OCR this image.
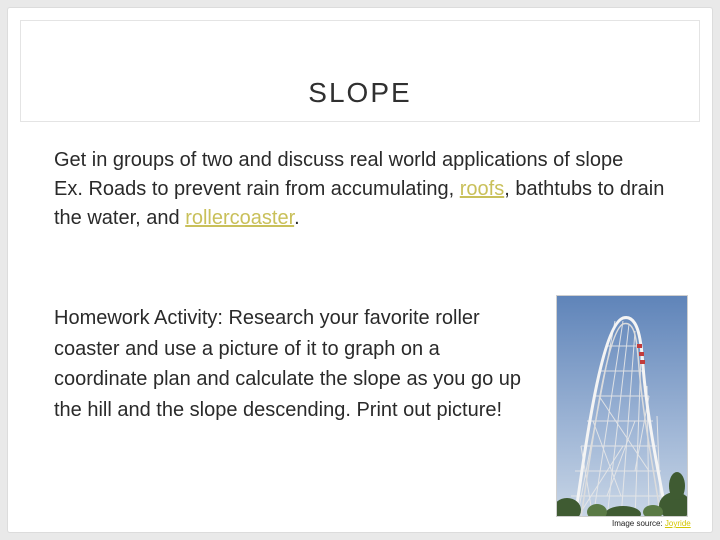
SLOPE

Get in groups of two and discuss real world applications of slope

Ex. Roads to prevent rain from accumulating, roofs, bathtubs to drain the water, and rollercoaster.

Homework Activity: Research your favorite roller coaster and use a picture of it to graph on a coordinate plan and calculate the slope as you go up the hill and the slope descending. Print out picture!
Image source: Joyride
